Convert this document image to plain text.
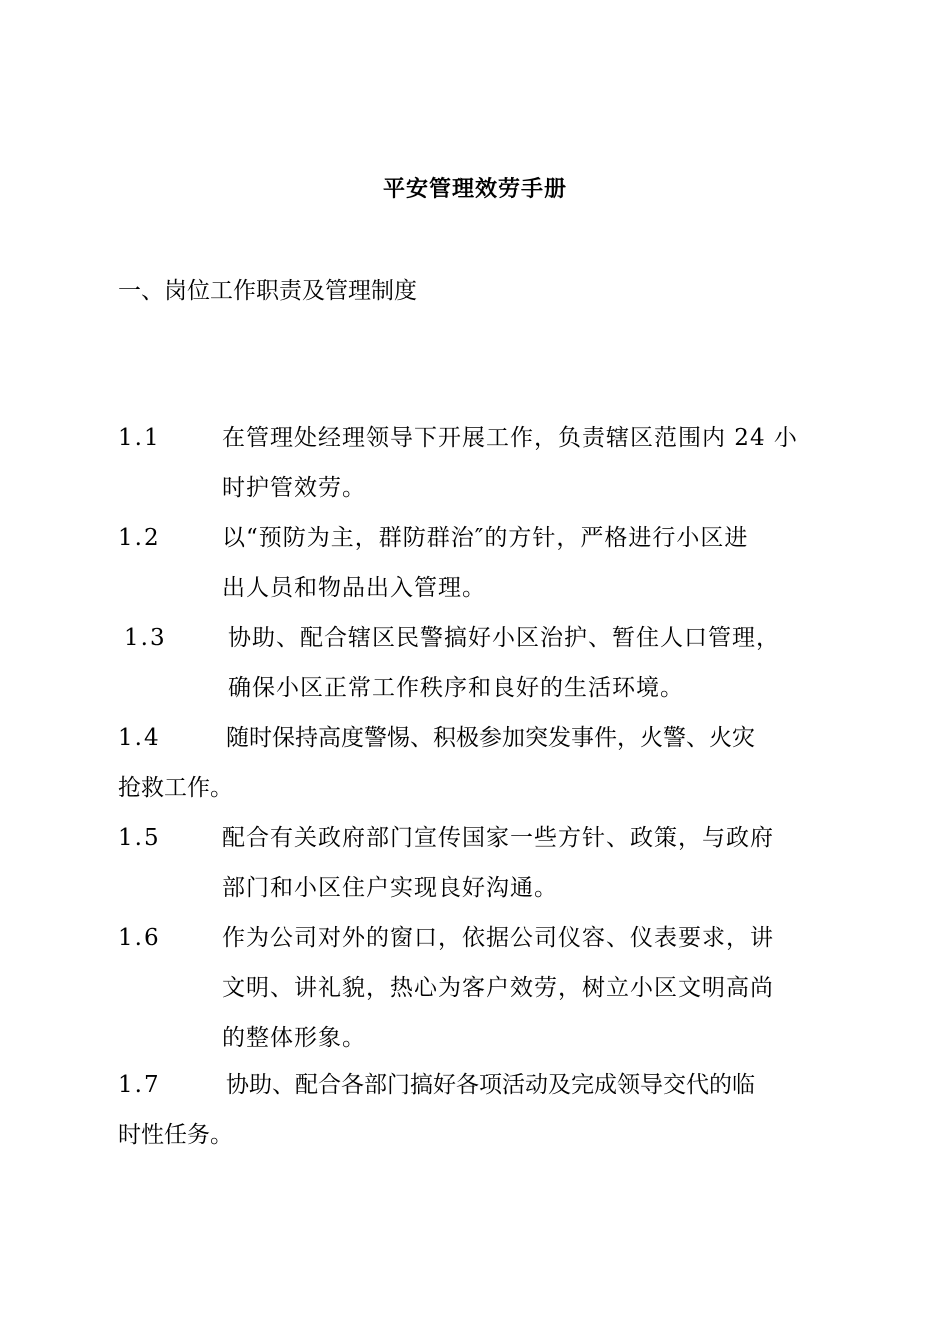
平安管理效劳手册
一、岗位工作职责及管理制度
1.1	在管理处经理领导下开展工作，负责辖区范围内 24 小
时护管效劳。
1.2	以“预防为主，群防群治″的方针，严格进行小区进
出人员和物品出入管理。
1.3	协助、配合辖区民警搞好小区治护、暂住人口管理，
确保小区正常工作秩序和良好的生活环境。
1.4	随时保持高度警惕、积极参加突发事件，火警、火灾
抢救工作。
1.5	配合有关政府部门宣传国家一些方针、政策，与政府
部门和小区住户实现良好沟通。
1.6	作为公司对外的窗口，依据公司仪容、仪表要求，讲
文明、讲礼貌，热心为客户效劳，树立小区文明高尚
的整体形象。
1.7	协助、配合各部门搞好各项活动及完成领导交代的临
时性任务。
